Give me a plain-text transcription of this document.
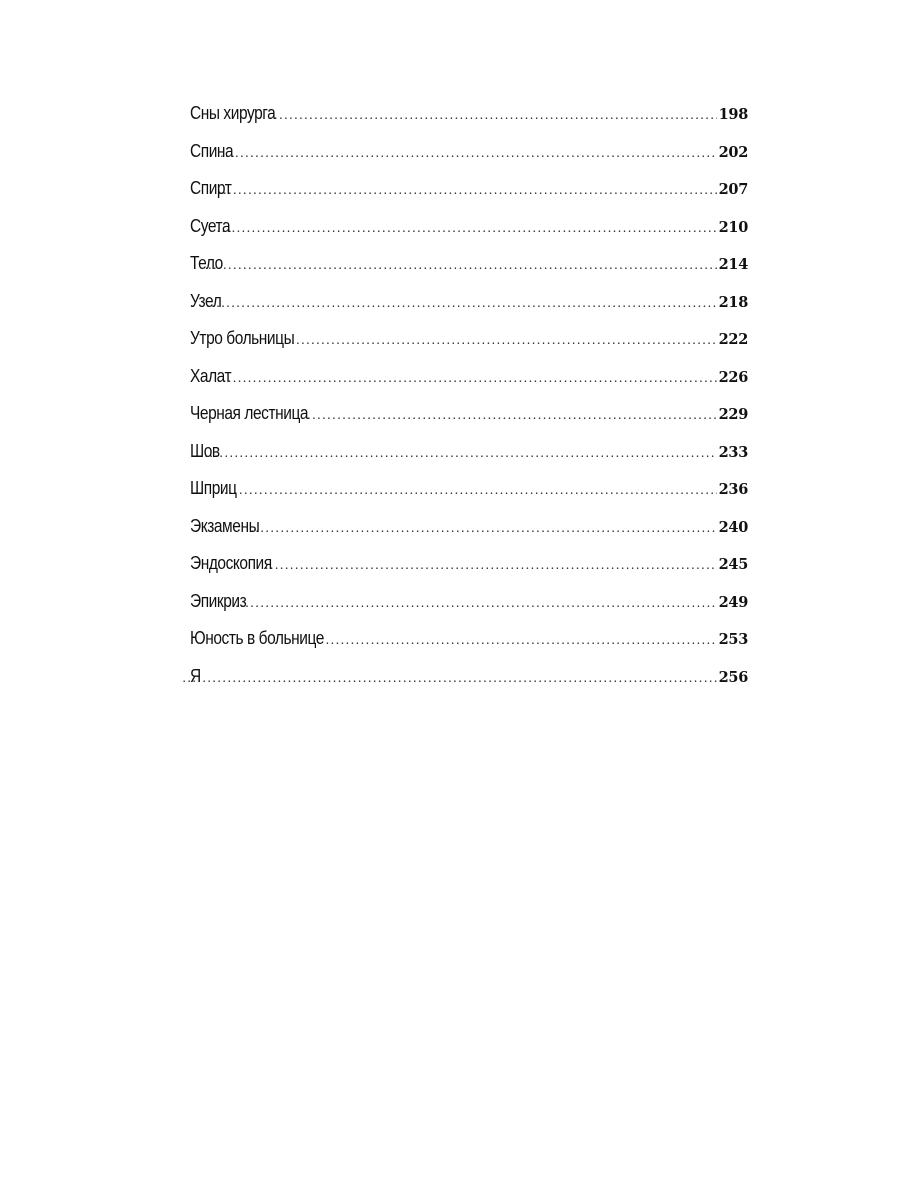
Сны хирурга .....	198
Спина .....	202
Спирт .....	207
Суета .....	210
Тело .....	214
Узел .....	218
Утро больницы .....	222
Халат .....	226
Черная лестница .....	229
Шов .....	233
Шприц .....	236
Экзамены .....	240
Эндоскопия .....	245
Эпикриз .....	249
Юность в больнице .....	253
Я .....	256
